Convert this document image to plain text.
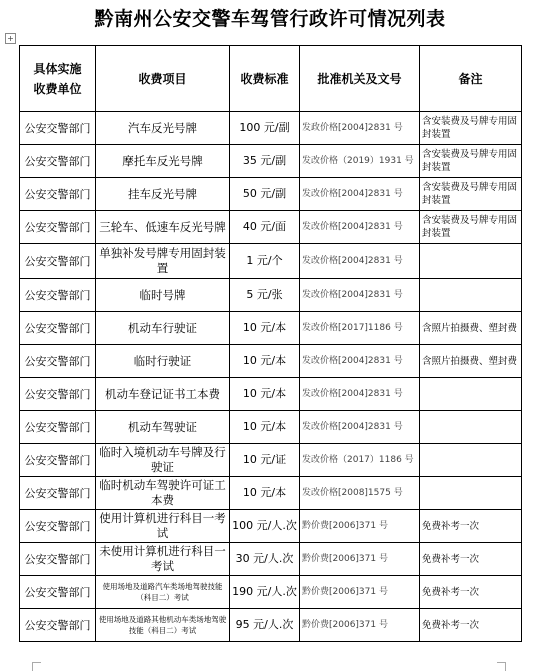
黔南州公安交警车驾管行政许可情况列表
+
具体实施
收费单位	收费项目	收费标准	批准机关及文号	备注
公安交警部门	汽车反光号牌	100 元/副	发政价格[2004]2831 号	含安装费及号牌专用固封装置
公安交警部门	摩托车反光号牌	35 元/副	发改价格（2019）1931 号	含安装费及号牌专用固封装置
公安交警部门	挂车反光号牌	50 元/副	发改价格[2004]2831 号	含安装费及号牌专用固封装置
公安交警部门	三轮车、低速车反光号牌	40 元/面	发改价格[2004]2831 号	含安装费及号牌专用固封装置
公安交警部门	单独补发号牌专用固封装置	1 元/个	发改价格[2004]2831 号	
公安交警部门	临时号牌	5 元/张	发改价格[2004]2831 号	
公安交警部门	机动车行驶证	10 元/本	发改价格[2017]1186 号	含照片拍摄费、塑封费
公安交警部门	临时行驶证	10 元/本	发改价格[2004]2831 号	含照片拍摄费、塑封费
公安交警部门	机动车登记证书工本费	10 元/本	发改价格[2004]2831 号	
公安交警部门	机动车驾驶证	10 元/本	发改价格[2004]2831 号	
公安交警部门	临时入境机动车号牌及行驶证	10 元/证	发改价格（2017）1186 号	
公安交警部门	临时机动车驾驶许可证工本费	10 元/本	发改价格[2008]1575 号	
公安交警部门	使用计算机进行科目一考试	100 元/人.次	黔价费[2006]371 号	免费补考一次
公安交警部门	未使用计算机进行科目一考试	30 元/人.次	黔价费[2006]371 号	免费补考一次
公安交警部门	使用场地及道路汽车类场地驾驶技能（科目二）考试	190 元/人.次	黔价费[2006]371 号	免费补考一次
公安交警部门	使用场地及道路其他机动车类场地驾驶技能（科目二）考试	95 元/人.次	黔价费[2006]371 号	免费补考一次
